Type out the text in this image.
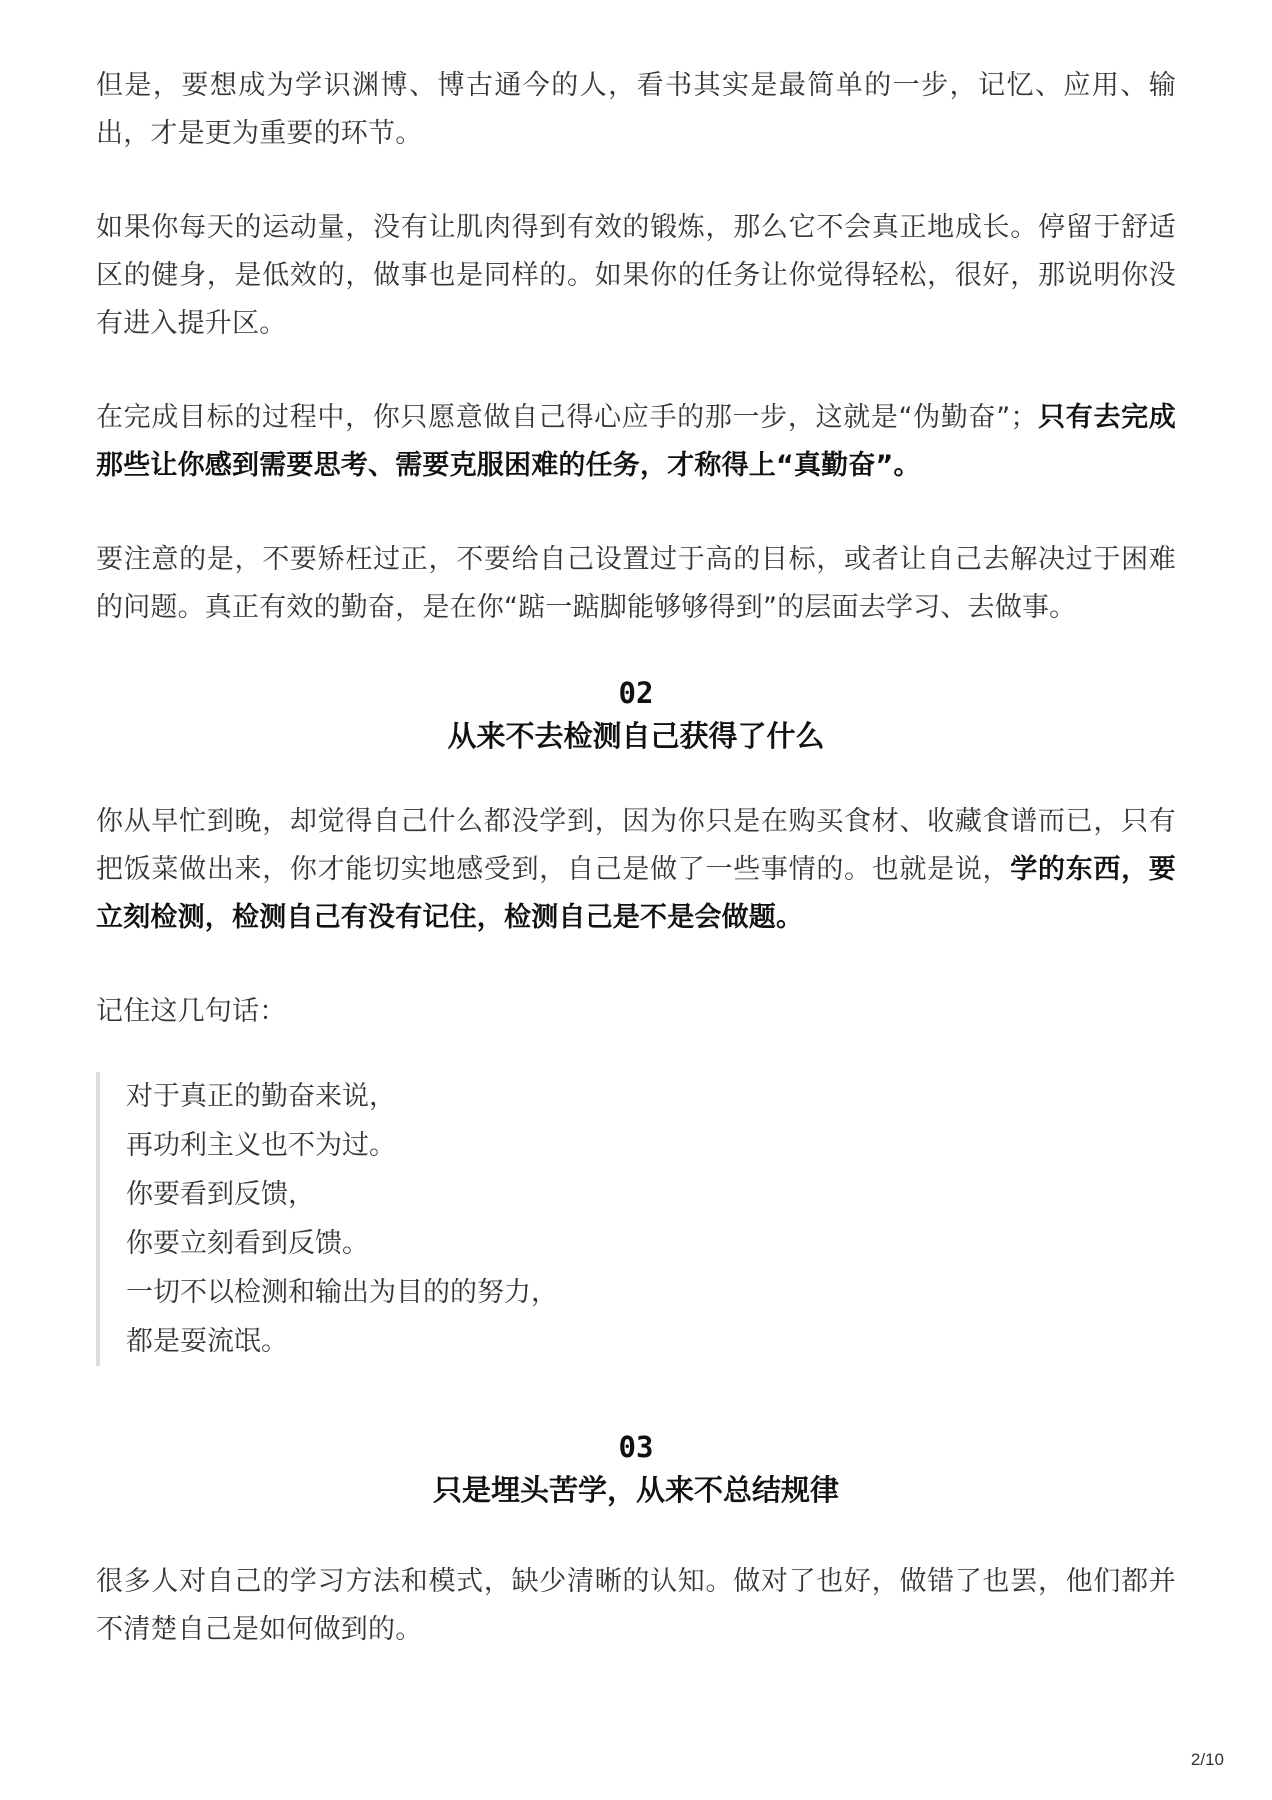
但是，要想成为学识渊博、博古通今的人，看书其实是最简单的一步，记忆、应用、输出，才是更为重要的环节。

如果你每天的运动量，没有让肌肉得到有效的锻炼，那么它不会真正地成长。停留于舒适区的健身，是低效的，做事也是同样的。如果你的任务让你觉得轻松，很好，那说明你没有进入提升区。

在完成目标的过程中，你只愿意做自己得心应手的那一步，这就是“伪勤奋”；只有去完成那些让你感到需要思考、需要克服困难的任务，才称得上“真勤奋”。

要注意的是，不要矫枉过正，不要给自己设置过于高的目标，或者让自己去解决过于困难的问题。真正有效的勤奋，是在你“踮一踮脚能够够得到”的层面去学习、去做事。

02
从来不去检测自己获得了什么

你从早忙到晚，却觉得自己什么都没学到，因为你只是在购买食材、收藏食谱而已，只有把饭菜做出来，你才能切实地感受到，自己是做了一些事情的。也就是说，学的东西，要立刻检测，检测自己有没有记住，检测自己是不是会做题。

记住这几句话：

对于真正的勤奋来说，
再功利主义也不为过。
你要看到反馈，
你要立刻看到反馈。
一切不以检测和输出为目的的努力，
都是耍流氓。
03
只是埋头苦学，从来不总结规律

很多人对自己的学习方法和模式，缺少清晰的认知。做对了也好，做错了也罢，他们都并不清楚自己是如何做到的。

2/10
